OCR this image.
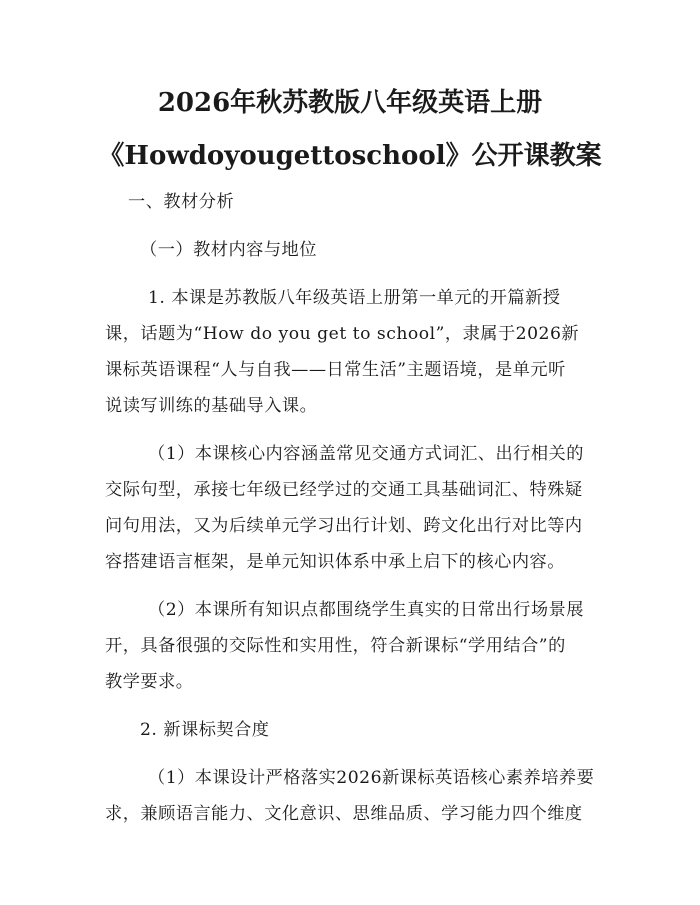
2026年秋苏教版八年级英语上册
《Howdoyougettoschool》公开课教案
一、教材分析
（一）教材内容与地位
1. 本课是苏教版八年级英语上册第一单元的开篇新授
课，话题为“How do you get to school”，隶属于2026新
课标英语课程“人与自我——日常生活”主题语境，是单元听
说读写训练的基础导入课。
（1）本课核心内容涵盖常见交通方式词汇、出行相关的
交际句型，承接七年级已经学过的交通工具基础词汇、特殊疑
问句用法，又为后续单元学习出行计划、跨文化出行对比等内
容搭建语言框架，是单元知识体系中承上启下的核心内容。
（2）本课所有知识点都围绕学生真实的日常出行场景展
开，具备很强的交际性和实用性，符合新课标“学用结合”的
教学要求。
2. 新课标契合度
（1）本课设计严格落实2026新课标英语核心素养培养要
求，兼顾语言能力、文化意识、思维品质、学习能力四个维度
